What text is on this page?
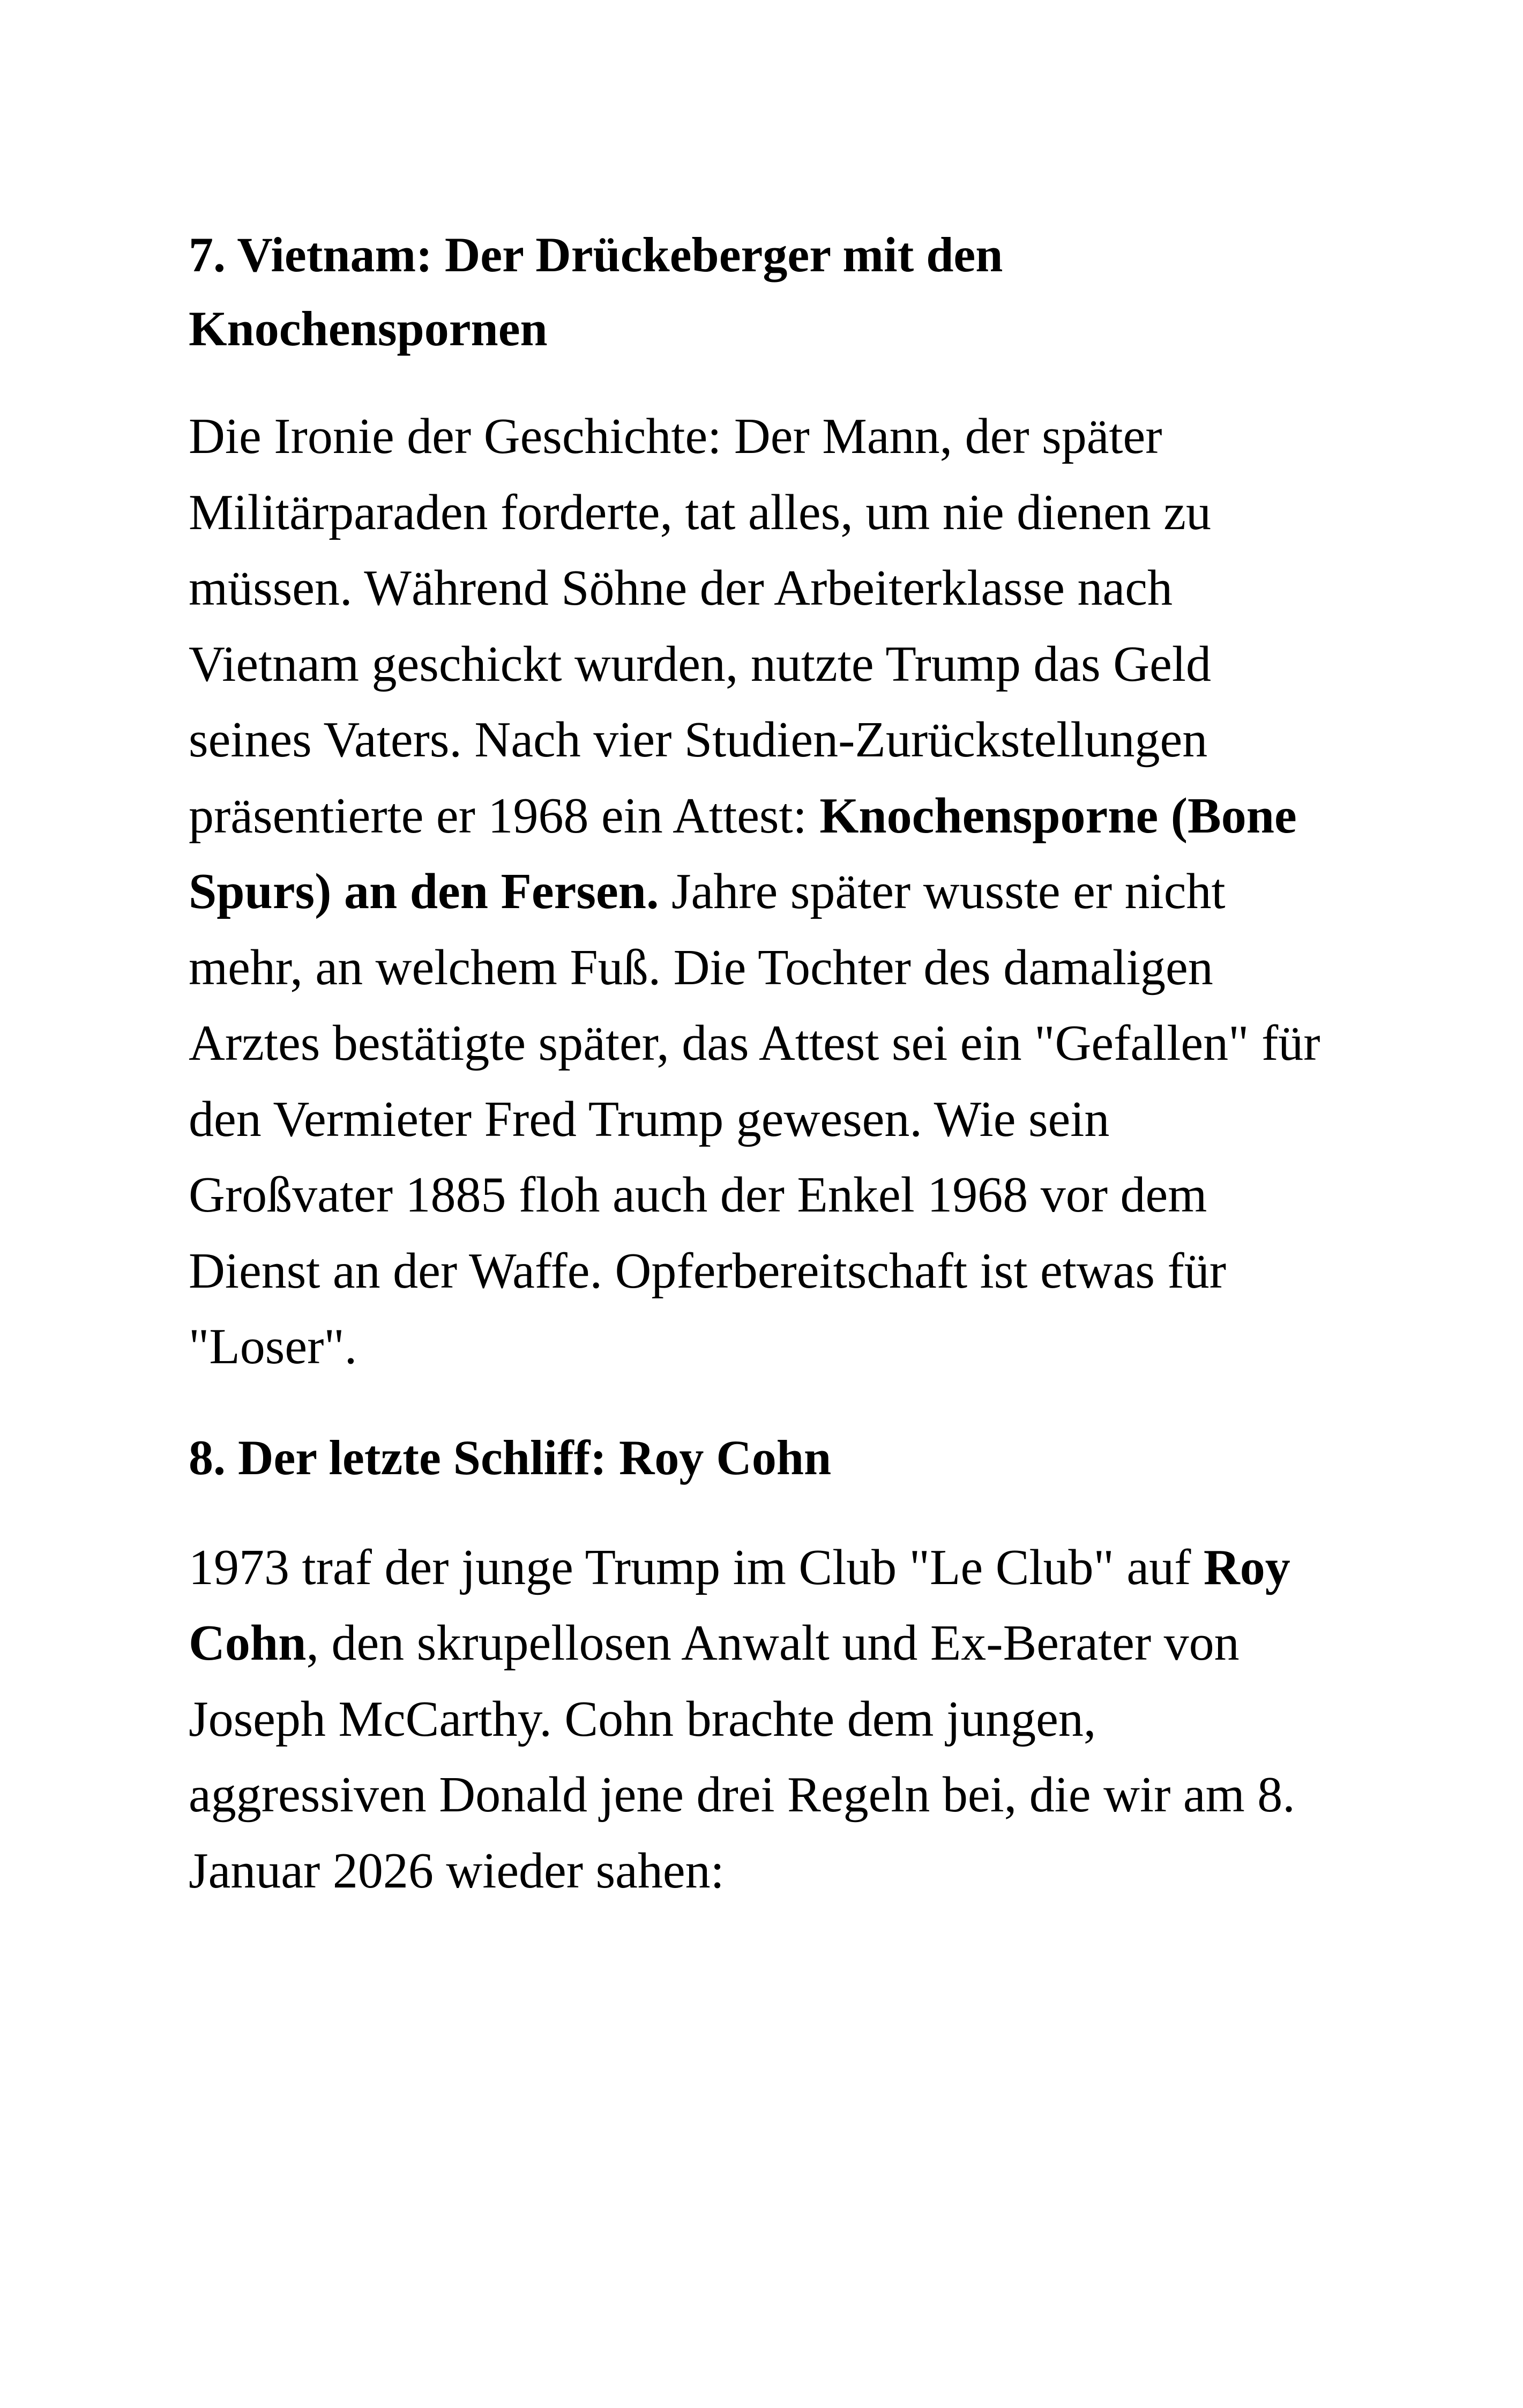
7. Vietnam: Der Drückeberger mit den Knochenspornen

Die Ironie der Geschichte: Der Mann, der später Militärparaden forderte, tat alles, um nie dienen zu müssen. Während Söhne der Arbeiterklasse nach Vietnam geschickt wurden, nutzte Trump das Geld seines Vaters. Nach vier Studien-Zurückstellungen präsentierte er 1968 ein Attest: Knochensporne (Bone Spurs) an den Fersen. Jahre später wusste er nicht mehr, an welchem Fuß. Die Tochter des damaligen Arztes bestätigte später, das Attest sei ein "Gefallen" für den Vermieter Fred Trump gewesen. Wie sein Großvater 1885 floh auch der Enkel 1968 vor dem Dienst an der Waffe. Opferbereitschaft ist etwas für "Loser".

8. Der letzte Schliff: Roy Cohn

1973 traf der junge Trump im Club "Le Club" auf Roy Cohn, den skrupellosen Anwalt und Ex-Berater von Joseph McCarthy. Cohn brachte dem jungen, aggressiven Donald jene drei Regeln bei, die wir am 8. Januar 2026 wieder sahen:
